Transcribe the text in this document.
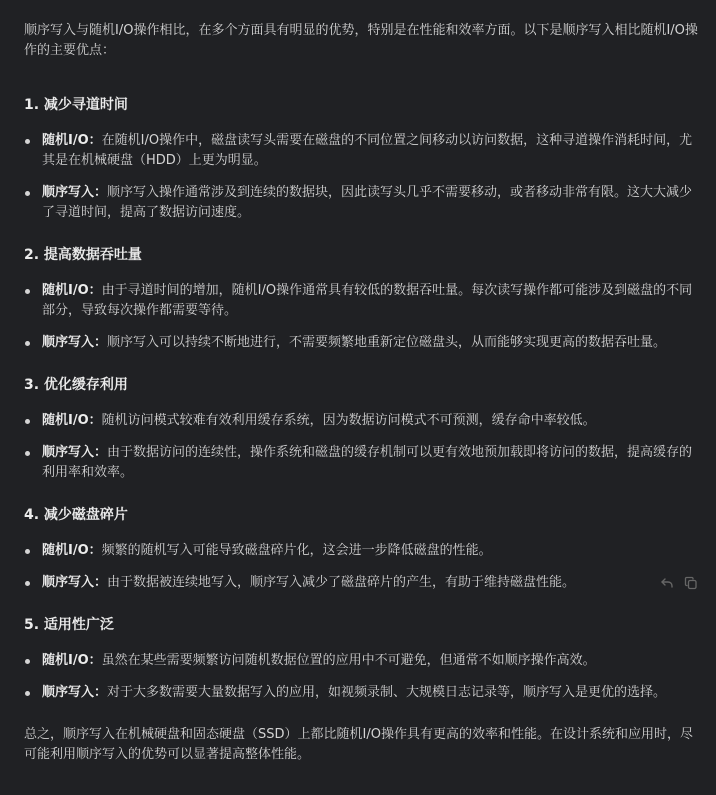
顺序写入与随机I/O操作相比，在多个方面具有明显的优势，特别是在性能和效率方面。以下是顺序写入相比随机I/O操作的主要优点：

1. 减少寻道时间
随机I/O：在随机I/O操作中，磁盘读写头需要在磁盘的不同位置之间移动以访问数据，这种寻道操作消耗时间，尤其是在机械硬盘（HDD）上更为明显。
顺序写入：顺序写入操作通常涉及到连续的数据块，因此读写头几乎不需要移动，或者移动非常有限。这大大减少了寻道时间，提高了数据访问速度。
2. 提高数据吞吐量
随机I/O：由于寻道时间的增加，随机I/O操作通常具有较低的数据吞吐量。每次读写操作都可能涉及到磁盘的不同部分，导致每次操作都需要等待。
顺序写入：顺序写入可以持续不断地进行，不需要频繁地重新定位磁盘头，从而能够实现更高的数据吞吐量。
3. 优化缓存利用
随机I/O：随机访问模式较难有效利用缓存系统，因为数据访问模式不可预测，缓存命中率较低。
顺序写入：由于数据访问的连续性，操作系统和磁盘的缓存机制可以更有效地预加载即将访问的数据，提高缓存的利用率和效率。
4. 减少磁盘碎片
随机I/O：频繁的随机写入可能导致磁盘碎片化，这会进一步降低磁盘的性能。
顺序写入：由于数据被连续地写入，顺序写入减少了磁盘碎片的产生，有助于维持磁盘性能。
5. 适用性广泛
随机I/O：虽然在某些需要频繁访问随机数据位置的应用中不可避免，但通常不如顺序操作高效。
顺序写入：对于大多数需要大量数据写入的应用，如视频录制、大规模日志记录等，顺序写入是更优的选择。

总之，顺序写入在机械硬盘和固态硬盘（SSD）上都比随机I/O操作具有更高的效率和性能。在设计系统和应用时，尽可能利用顺序写入的优势可以显著提高整体性能。
